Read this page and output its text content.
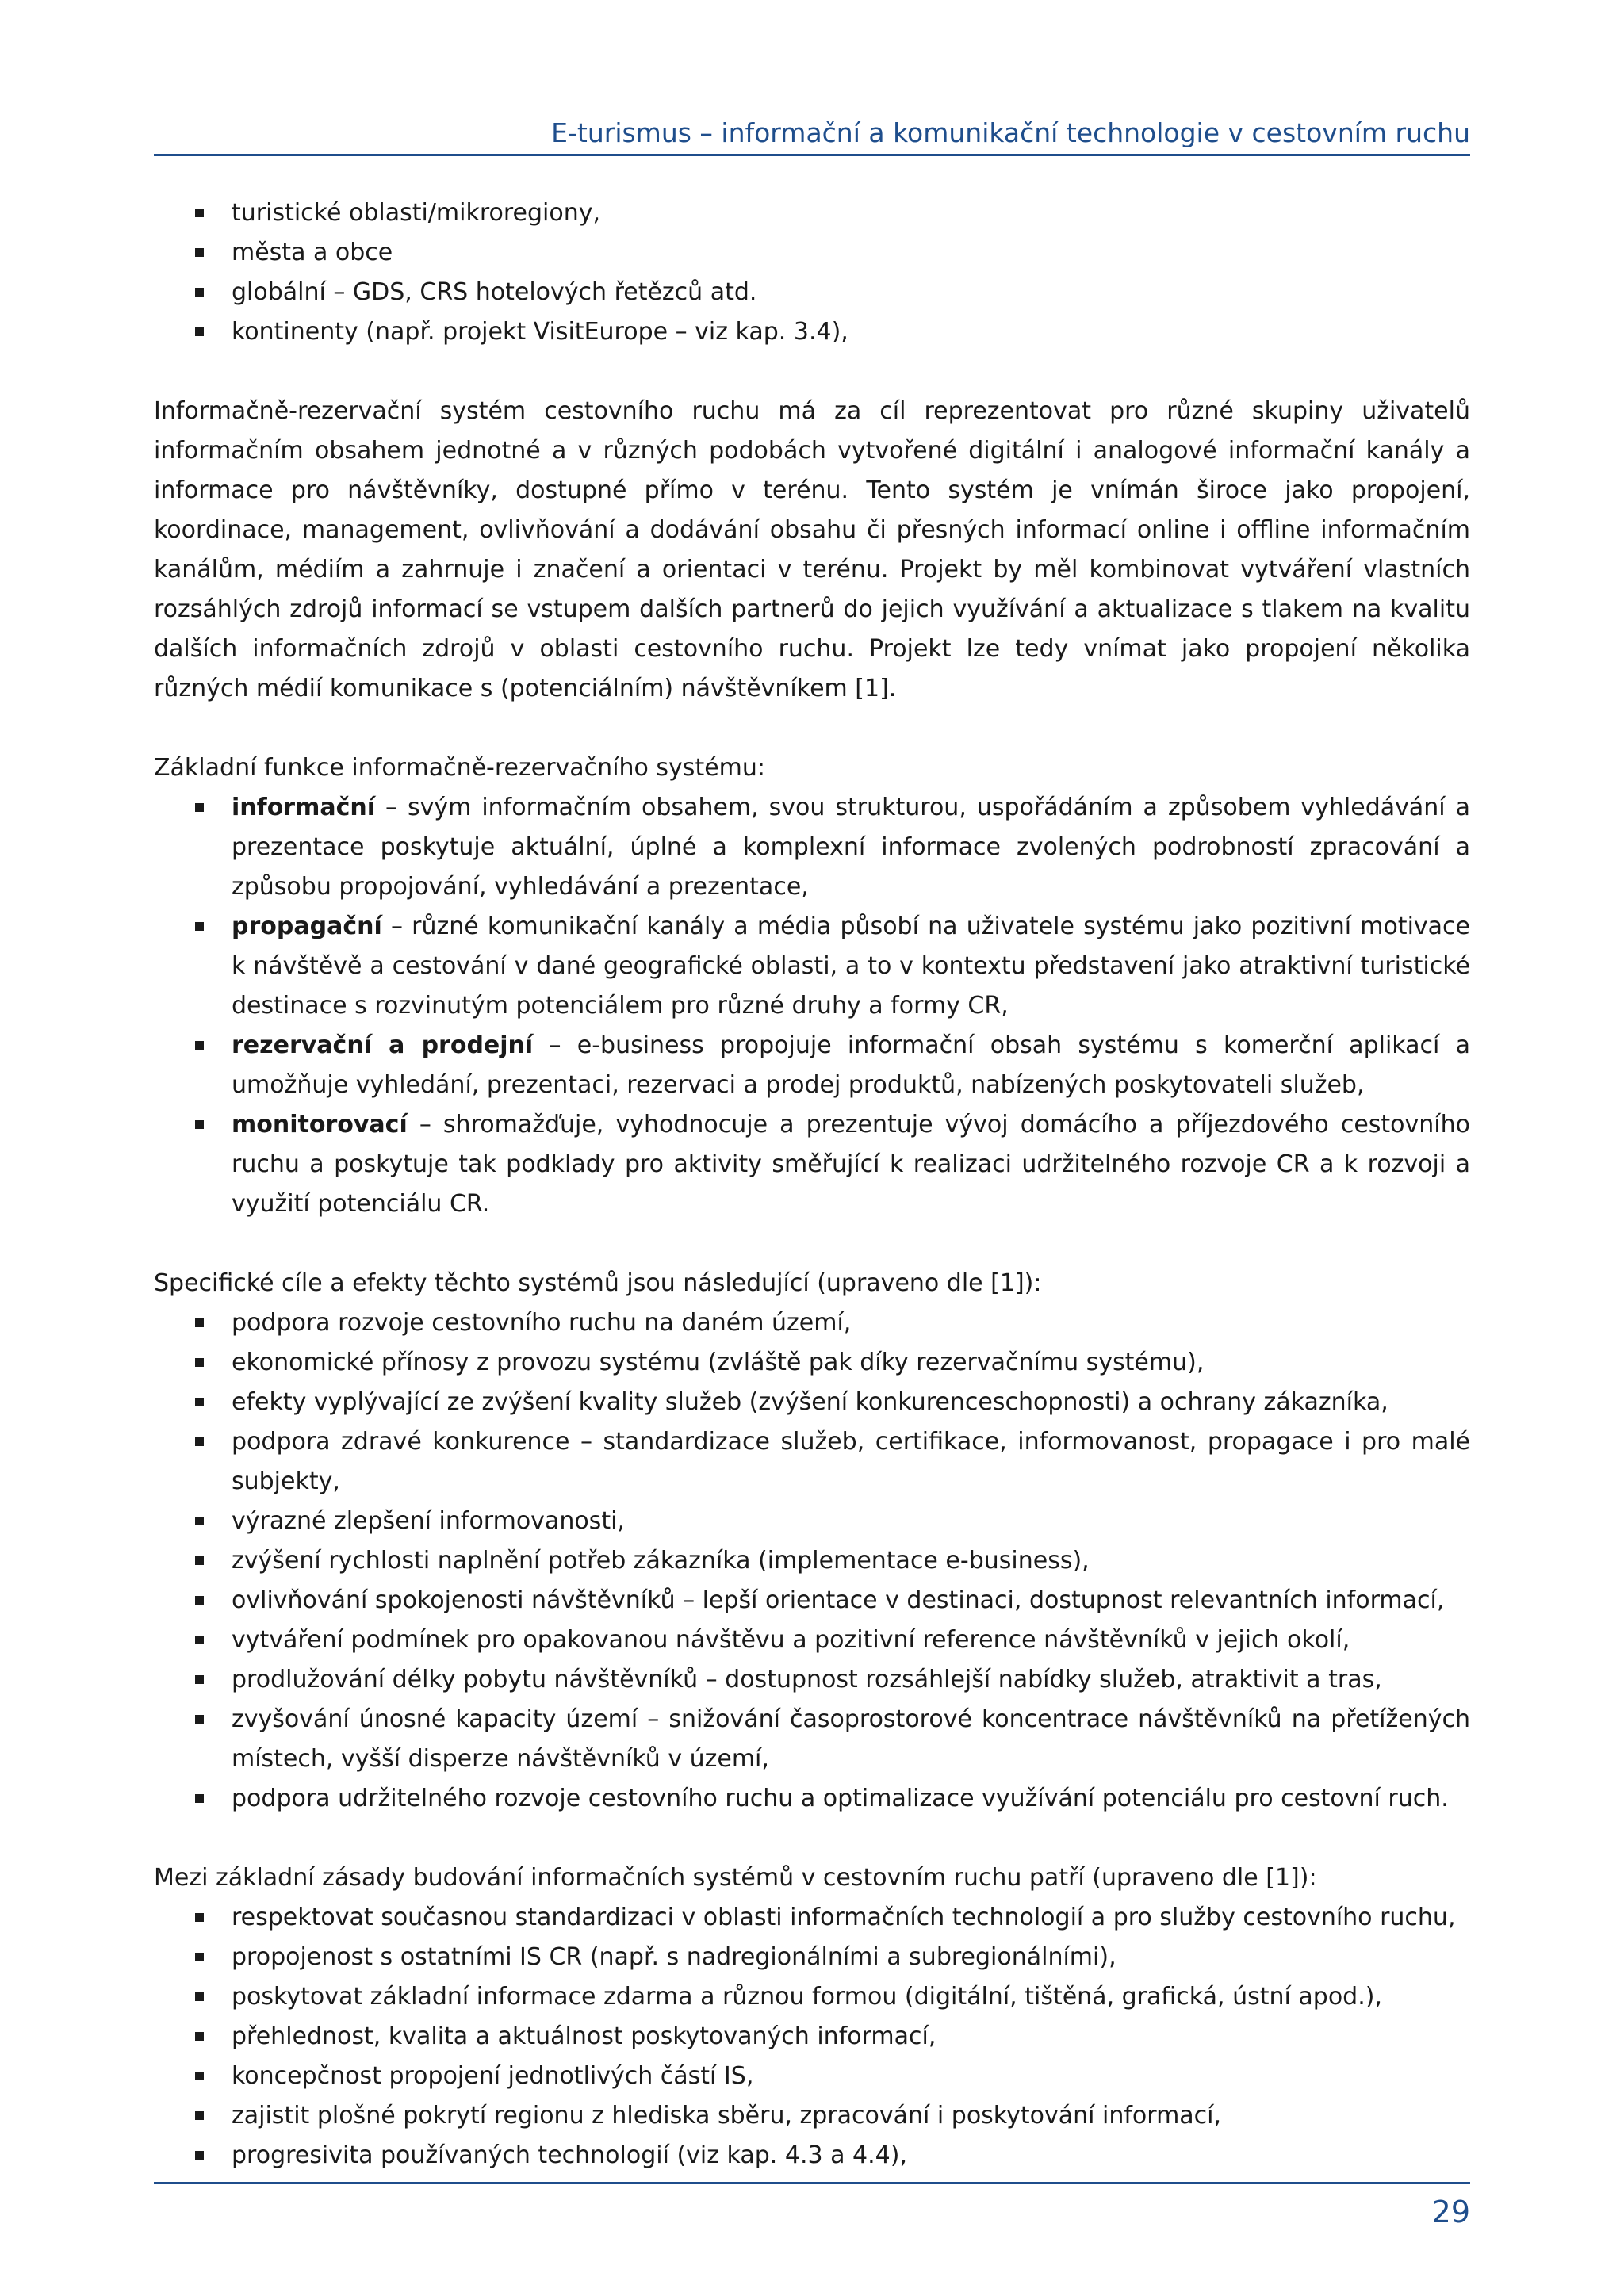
E-turismus – informační a komunikační technologie v cestovním ruchu
turistické oblasti/mikroregiony,
města a obce
globální – GDS, CRS hotelových řetězců atd.
kontinenty (např. projekt VisitEurope – viz kap. 3.4),

Informačně-rezervační systém cestovního ruchu má za cíl reprezentovat pro různé skupiny uživatelů informačním obsahem jednotné a v různých podobách vytvořené digitální i analogové informační kanály a informace pro návštěvníky, dostupné přímo v terénu. Tento systém je vnímán široce jako propojení, koordinace, management, ovlivňování a dodávání obsahu či přesných informací online i offline informačním kanálům, médiím a zahrnuje i značení a orientaci v terénu. Projekt by měl kombinovat vytváření vlastních rozsáhlých zdrojů informací se vstupem dalších partnerů do jejich využívání a aktualizace s tlakem na kvalitu dalších informačních zdrojů v oblasti cestovního ruchu. Projekt lze tedy vnímat jako propojení několika různých médií komunikace s (potenciálním) návštěvníkem [1].

Základní funkce informačně-rezervačního systému:

informační – svým informačním obsahem, svou strukturou, uspořádáním a způsobem vyhledávání a prezentace poskytuje aktuální, úplné a komplexní informace zvolených podrobností zpracování a způsobu propojování, vyhledávání a prezentace,
propagační – různé komunikační kanály a média působí na uživatele systému jako pozitivní motivace k návštěvě a cestování v dané geografické oblasti, a to v kontextu představení jako atraktivní turistické destinace s rozvinutým potenciálem pro různé druhy a formy CR,
rezervační a prodejní – e-business propojuje informační obsah systému s komerční aplikací a umožňuje vyhledání, prezentaci, rezervaci a prodej produktů, nabízených poskytovateli služeb,
monitorovací – shromažďuje, vyhodnocuje a prezentuje vývoj domácího a příjezdového cestovního ruchu a poskytuje tak podklady pro aktivity směřující k realizaci udržitelného rozvoje CR a k rozvoji a využití potenciálu CR.

Specifické cíle a efekty těchto systémů jsou následující (upraveno dle [1]):

podpora rozvoje cestovního ruchu na daném území,
ekonomické přínosy z provozu systému (zvláště pak díky rezervačnímu systému),
efekty vyplývající ze zvýšení kvality služeb (zvýšení konkurenceschopnosti) a ochrany zákazníka,
podpora zdravé konkurence – standardizace služeb, certifikace, informovanost, propagace i pro malé subjekty,
výrazné zlepšení informovanosti,
zvýšení rychlosti naplnění potřeb zákazníka (implementace e-business),
ovlivňování spokojenosti návštěvníků – lepší orientace v destinaci, dostupnost relevantních informací,
vytváření podmínek pro opakovanou návštěvu a pozitivní reference návštěvníků v jejich okolí,
prodlužování délky pobytu návštěvníků – dostupnost rozsáhlejší nabídky služeb, atraktivit a tras,
zvyšování únosné kapacity území – snižování časoprostorové koncentrace návštěvníků na přetížených místech, vyšší disperze návštěvníků v území,
podpora udržitelného rozvoje cestovního ruchu a optimalizace využívání potenciálu pro cestovní ruch.

Mezi základní zásady budování informačních systémů v cestovním ruchu patří (upraveno dle [1]):

respektovat současnou standardizaci v oblasti informačních technologií a pro služby cestovního ruchu,
propojenost s ostatními IS CR (např. s nadregionálními a subregionálními),
poskytovat základní informace zdarma a různou formou (digitální, tištěná, grafická, ústní apod.),
přehlednost, kvalita a aktuálnost poskytovaných informací,
koncepčnost propojení jednotlivých částí IS,
zajistit plošné pokrytí regionu z hlediska sběru, zpracování i poskytování informací,
progresivita používaných technologií (viz kap. 4.3 a 4.4),
29
